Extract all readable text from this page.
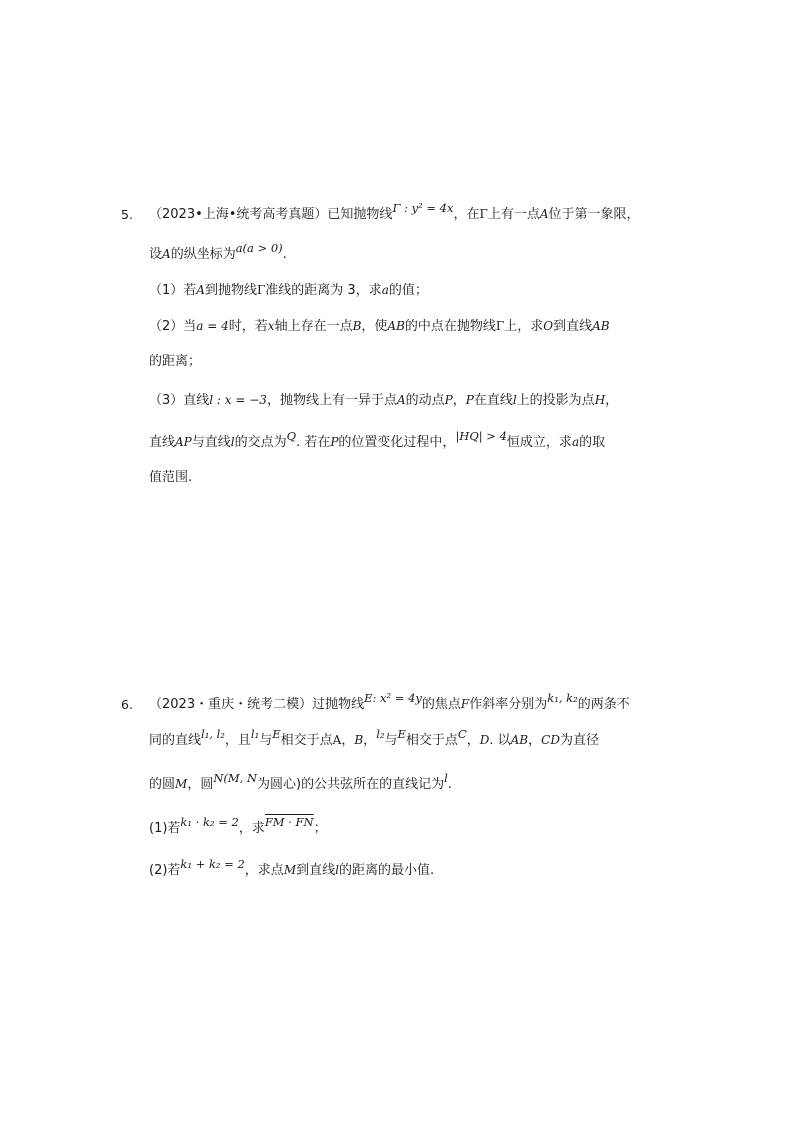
5. （2023•上海•统考高考真题）已知抛物线Γ : y² = 4x，在Γ上有一点A位于第一象限，
设A的纵坐标为a(a > 0).
（1）若A到抛物线Γ准线的距离为 3，求a的值；
（2）当a = 4时，若x轴上存在一点B，使AB的中点在抛物线Γ上，求O到直线AB
的距离；
（3）直线l : x = −3，抛物线上有一异于点A的动点P，P在直线l上的投影为点H，
直线AP与直线l的交点为Q. 若在P的位置变化过程中，|HQ| > 4恒成立，求a的取
值范围.
6. （2023・重庆・统考二模）过抛物线E: x² = 4y的焦点F作斜率分别为k₁, k₂的两条不
同的直线l₁, l₂，且l₁与E相交于点A，B，l₂与E相交于点C，D. 以AB，CD为直径
的圆M，圆N(M, N为圆心)的公共弦所在的直线记为l.
(1)若k₁ · k₂ = 2，求FM · FN；
(2)若k₁ + k₂ = 2，求点M到直线l的距离的最小值.
